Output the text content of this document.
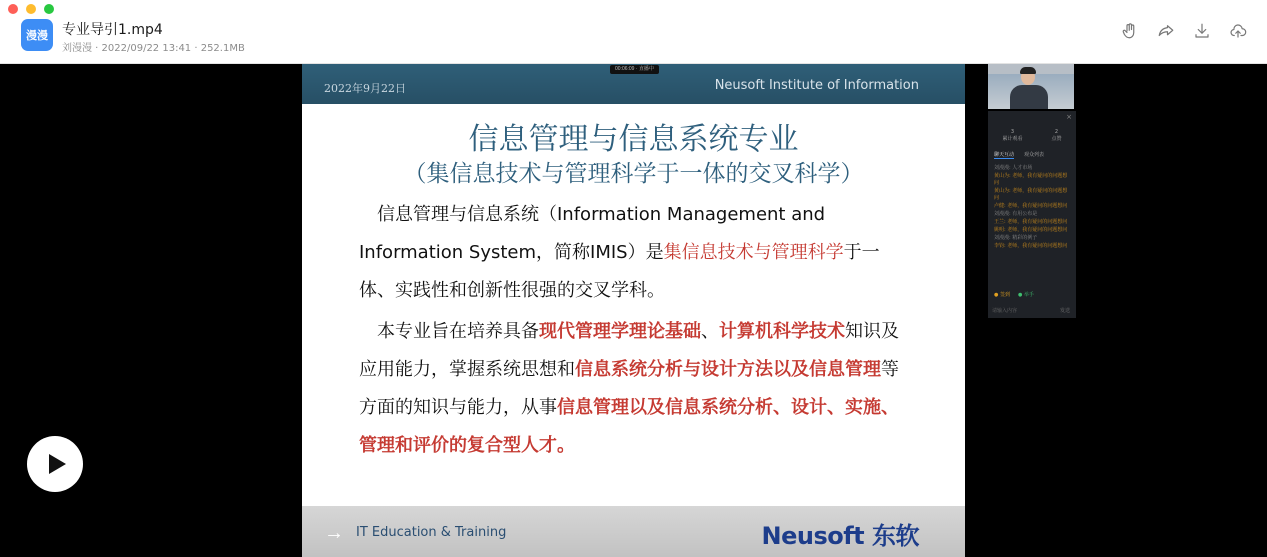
漫漫	专业导引1.mp4
刘漫漫 · 2022/09/22 13:41 · 252.1MB
00:06:09 · 直播中
2022年9月22日	Neusoft Institute of Information
信息管理与信息系统专业
（集信息技术与管理科学于一体的交叉科学）

 信息管理与信息系统（Information Management and Information System，简称IMIS）是集信息技术与管理科学于一体、实践性和创新性很强的交叉学科。

 本专业旨在培养具备现代管理学理论基础、计算机科学技术知识及应用能力，掌握系统思想和信息系统分析与设计方法以及信息管理等方面的知识与能力，从事信息管理以及信息系统分析、设计、实施、管理和评价的复合型人才。

→ IT Education & Training	Neusoft 东软
×
3
累计观看
2
点赞
聊天互动 观众列表
刘漫漫: 人才市场
黄山为: 老师，我有疑问的问题想问
黄山为: 老师，我有疑问的问题想问
卢健: 老师，我有疑问的问题想问
刘漫漫: 有用公布是
王兰: 老师，我有疑问的问题想问
姚明: 老师，我有疑问的问题想问
刘漫漫: 精彩的例子
李钧: 老师，我有疑问的问题想问
● 签到 ● 举手
请输入内容	发送
